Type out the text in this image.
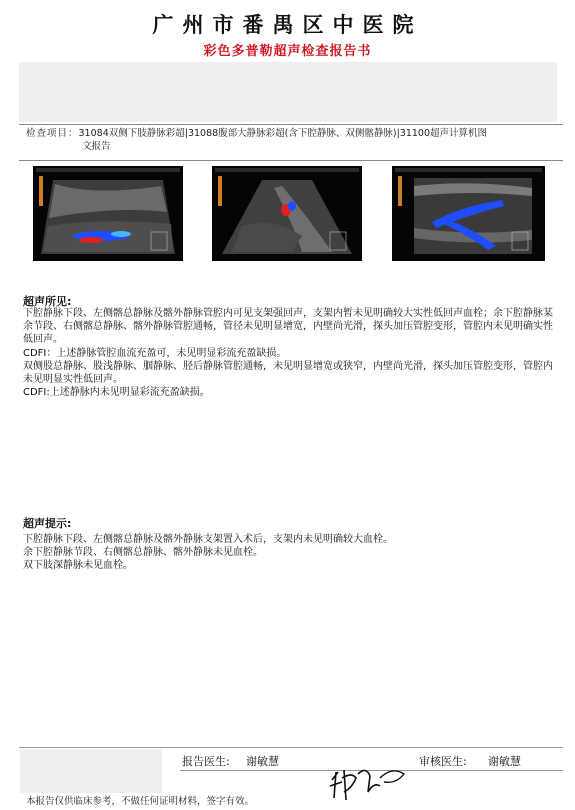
广州市番禺区中医院
彩色多普勒超声检查报告书
检查项目：31084双侧下肢静脉彩超|31088腹部大静脉彩超(含下腔静脉、双侧髂静脉)|31100超声计算机图
文报告
超声所见:

下腔静脉下段、左侧髂总静脉及髂外静脉管腔内可见支架强回声，支架内暂未见明确较大实性低回声血栓；余下腔静脉某余节段、右侧髂总静脉、髂外静脉管腔通畅，管径未见明显增宽，内壁尚光滑，探头加压管腔变形，管腔内未见明确实性低回声。

CDFI：上述静脉管腔血流充盈可，未见明显彩流充盈缺损。

双侧股总静脉、股浅静脉、腘静脉、胫后静脉管腔通畅，未见明显增宽或狭窄，内壁尚光滑，探头加压管腔变形，管腔内未见明显实性低回声。

CDFI:上述静脉内未见明显彩流充盈缺损。

超声提示:

下腔静脉下段、左侧髂总静脉及髂外静脉支架置入术后，支架内未见明确较大血栓。

余下腔静脉节段、右侧髂总静脉、髂外静脉未见血栓。

双下肢深静脉未见血栓。

报告医生: 谢敏慧	审核医生: 谢敏慧
本报告仅供临床参考，不做任何证明材料，签字有效。
